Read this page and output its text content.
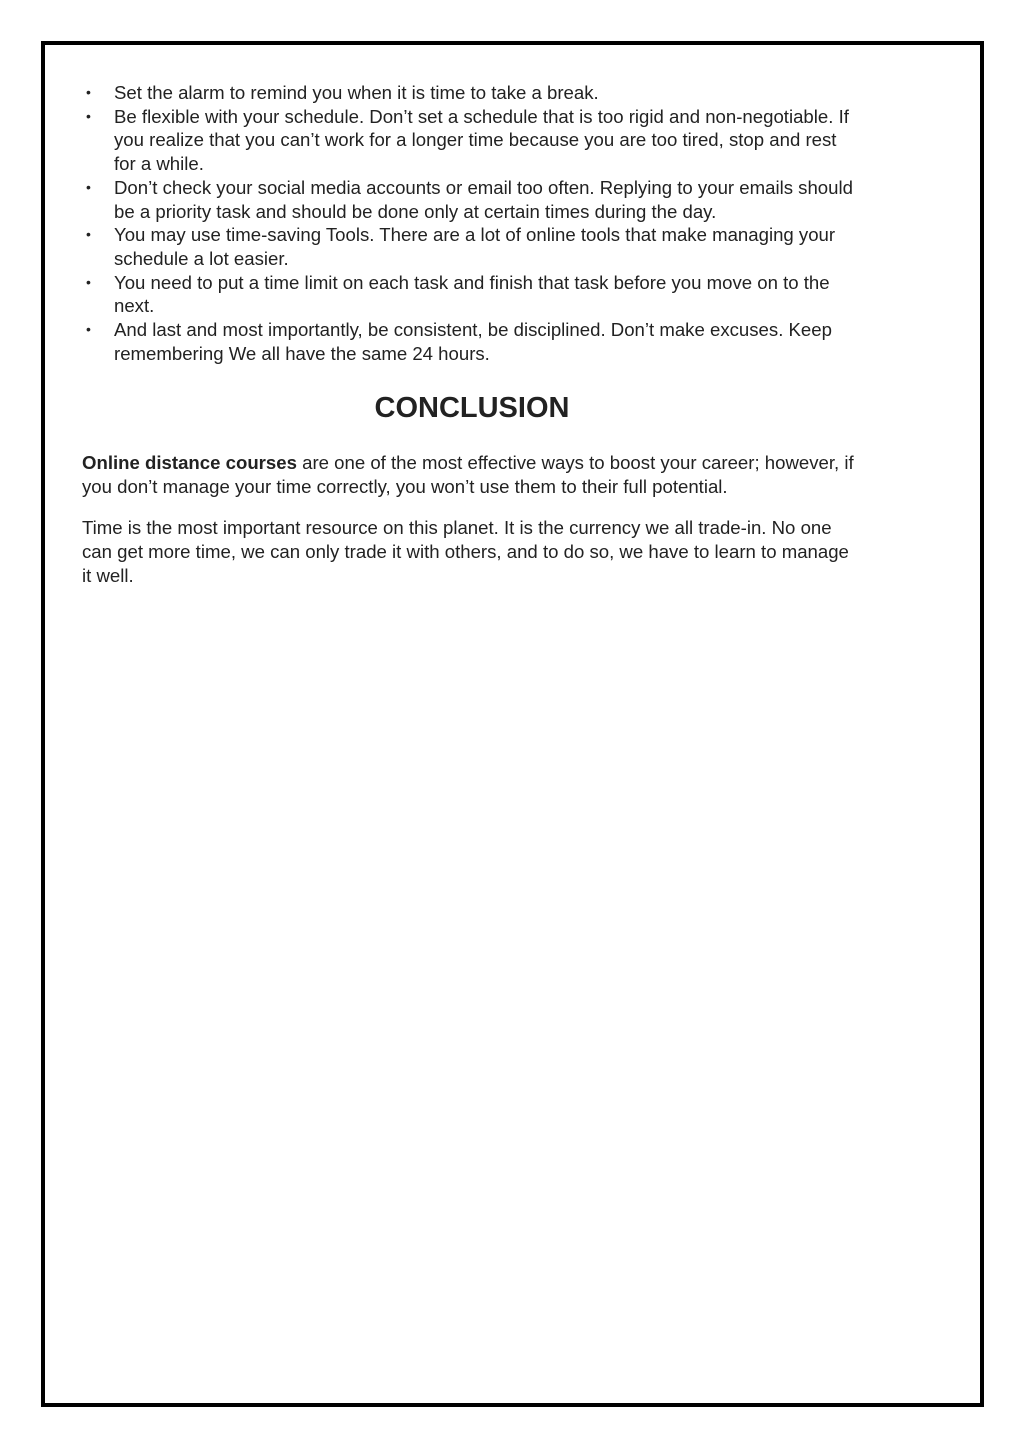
• Set the alarm to remind you when it is time to take a break.
• Be flexible with your schedule. Don’t set a schedule that is too rigid and non-negotiable. If you realize that you can’t work for a longer time because you are too tired, stop and rest for a while.
• Don’t check your social media accounts or email too often. Replying to your emails should be a priority task and should be done only at certain times during the day.
• You may use time-saving Tools. There are a lot of online tools that make managing your schedule a lot easier.
• You need to put a time limit on each task and finish that task before you move on to the next.
• And last and most importantly, be consistent, be disciplined. Don’t make excuses. Keep remembering We all have the same 24 hours.
CONCLUSION

Online distance courses are one of the most effective ways to boost your career; however, if you don’t manage your time correctly, you won’t use them to their full potential.

Time is the most important resource on this planet. It is the currency we all trade-in. No one can get more time, we can only trade it with others, and to do so, we have to learn to manage it well.
